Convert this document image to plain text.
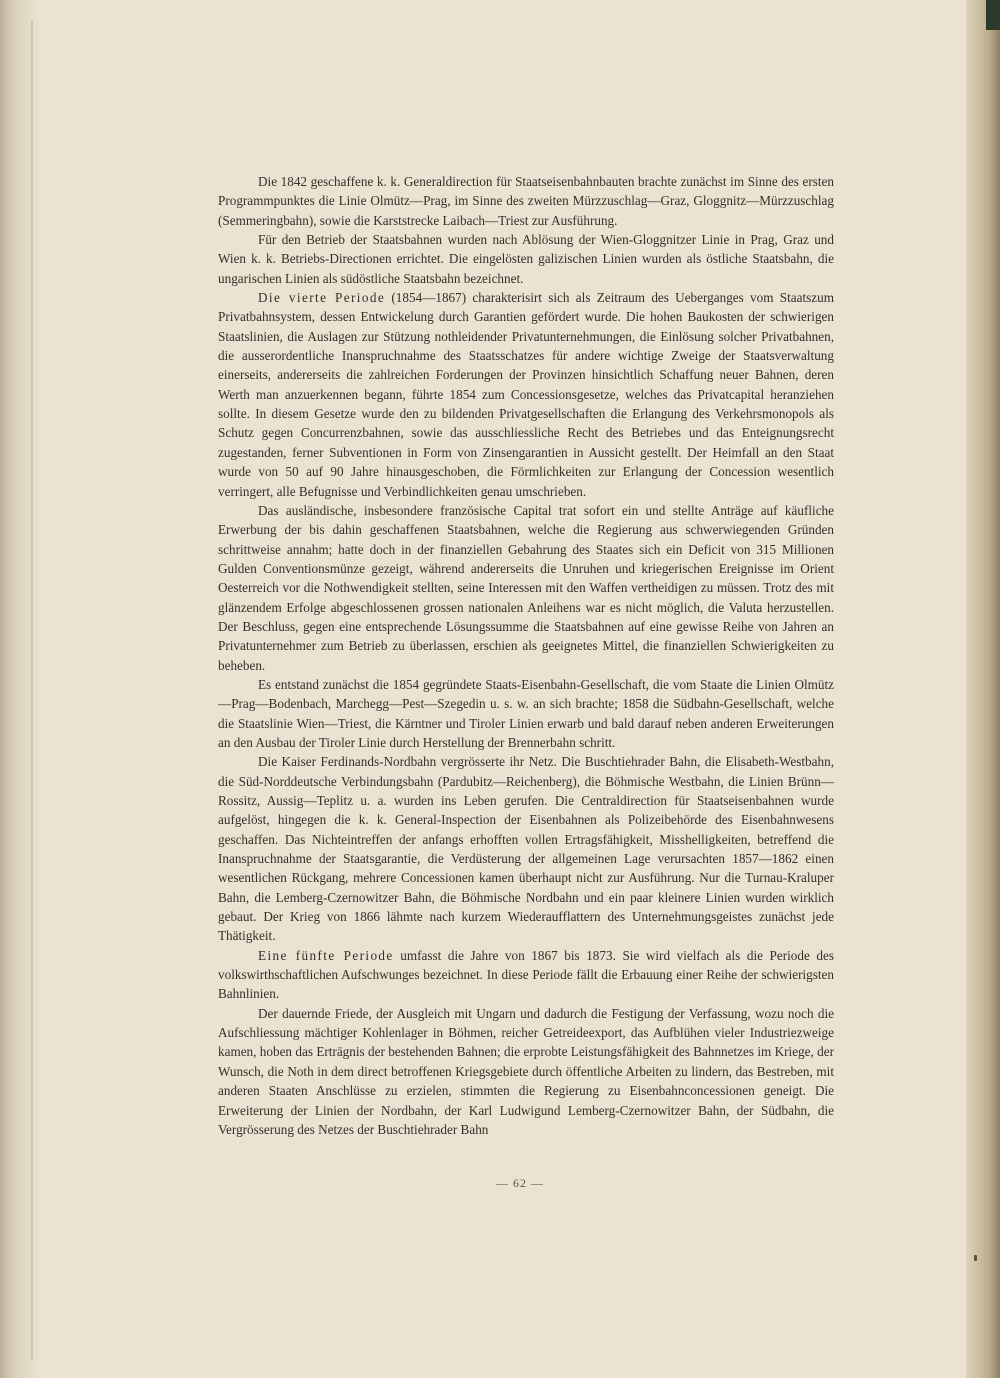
Die 1842 geschaffene k. k. Generaldirection für Staatseisenbahnbauten brachte zunächst im Sinne des ersten Programmpunktes die Linie Olmütz—Prag, im Sinne des zweiten Mürzzuschlag—Graz, Gloggnitz—Mürzzuschlag (Semmeringbahn), sowie die Karststrecke Laibach—Triest zur Ausführung.

Für den Betrieb der Staatsbahnen wurden nach Ablösung der Wien-Gloggnitzer Linie in Prag, Graz und Wien k. k. Betriebs-Directionen errichtet. Die eingelösten galizischen Linien wurden als östliche Staatsbahn, die ungarischen Linien als südöstliche Staatsbahn bezeichnet.

Die vierte Periode (1854—1867) charakterisirt sich als Zeitraum des Ueberganges vom Staatszum Privatbahnsystem, dessen Entwickelung durch Garantien gefördert wurde. Die hohen Baukosten der schwierigen Staatslinien, die Auslagen zur Stützung nothleidender Privatunternehmungen, die Einlösung solcher Privatbahnen, die ausserordentliche Inanspruchnahme des Staatsschatzes für andere wichtige Zweige der Staatsverwaltung einerseits, andererseits die zahlreichen Forderungen der Provinzen hinsichtlich Schaffung neuer Bahnen, deren Werth man anzuerkennen begann, führte 1854 zum Concessionsgesetze, welches das Privatcapital heranziehen sollte. In diesem Gesetze wurde den zu bildenden Privatgesellschaften die Erlangung des Verkehrsmonopols als Schutz gegen Concurrenzbahnen, sowie das ausschliessliche Recht des Betriebes und das Enteignungsrecht zugestanden, ferner Subventionen in Form von Zinsengarantien in Aussicht gestellt. Der Heimfall an den Staat wurde von 50 auf 90 Jahre hinausgeschoben, die Förmlichkeiten zur Erlangung der Concession wesentlich verringert, alle Befugnisse und Verbindlichkeiten genau umschrieben.

Das ausländische, insbesondere französische Capital trat sofort ein und stellte Anträge auf käufliche Erwerbung der bis dahin geschaffenen Staatsbahnen, welche die Regierung aus schwerwiegenden Gründen schrittweise annahm; hatte doch in der finanziellen Gebahrung des Staates sich ein Deficit von 315 Millionen Gulden Conventionsmünze gezeigt, während andererseits die Unruhen und kriegerischen Ereignisse im Orient Oesterreich vor die Nothwendigkeit stellten, seine Interessen mit den Waffen vertheidigen zu müssen. Trotz des mit glänzendem Erfolge abgeschlossenen grossen nationalen Anleihens war es nicht möglich, die Valuta herzustellen. Der Beschluss, gegen eine entsprechende Lösungssumme die Staatsbahnen auf eine gewisse Reihe von Jahren an Privatunternehmer zum Betrieb zu überlassen, erschien als geeignetes Mittel, die finanziellen Schwierigkeiten zu beheben.

Es entstand zunächst die 1854 gegründete Staats-Eisenbahn-Gesellschaft, die vom Staate die Linien Olmütz—Prag—Bodenbach, Marchegg—Pest—Szegedin u. s. w. an sich brachte; 1858 die Südbahn-Gesellschaft, welche die Staatslinie Wien—Triest, die Kärntner und Tiroler Linien erwarb und bald darauf neben anderen Erweiterungen an den Ausbau der Tiroler Linie durch Herstellung der Brennerbahn schritt.

Die Kaiser Ferdinands-Nordbahn vergrösserte ihr Netz. Die Buschtiehrader Bahn, die Elisabeth-Westbahn, die Süd-Norddeutsche Verbindungsbahn (Pardubitz—Reichenberg), die Böhmische Westbahn, die Linien Brünn—Rossitz, Aussig—Teplitz u. a. wurden ins Leben gerufen. Die Centraldirection für Staatseisenbahnen wurde aufgelöst, hingegen die k. k. General-Inspection der Eisenbahnen als Polizeibehörde des Eisenbahnwesens geschaffen. Das Nichteintreffen der anfangs erhofften vollen Ertragsfähigkeit, Misshelligkeiten, betreffend die Inanspruchnahme der Staatsgarantie, die Verdüsterung der allgemeinen Lage verursachten 1857—1862 einen wesentlichen Rückgang, mehrere Concessionen kamen überhaupt nicht zur Ausführung. Nur die Turnau-Kraluper Bahn, die Lemberg-Czernowitzer Bahn, die Böhmische Nordbahn und ein paar kleinere Linien wurden wirklich gebaut. Der Krieg von 1866 lähmte nach kurzem Wiederaufflattern des Unternehmungsgeistes zunächst jede Thätigkeit.

Eine fünfte Periode umfasst die Jahre von 1867 bis 1873. Sie wird vielfach als die Periode des volkswirthschaftlichen Aufschwunges bezeichnet. In diese Periode fällt die Erbauung einer Reihe der schwierigsten Bahnlinien.

Der dauernde Friede, der Ausgleich mit Ungarn und dadurch die Festigung der Verfassung, wozu noch die Aufschliessung mächtiger Kohlenlager in Böhmen, reicher Getreideexport, das Aufblühen vieler Industriezweige kamen, hoben das Erträgnis der bestehenden Bahnen; die erprobte Leistungsfähigkeit des Bahnnetzes im Kriege, der Wunsch, die Noth in dem direct betroffenen Kriegsgebiete durch öffentliche Arbeiten zu lindern, das Bestreben, mit anderen Staaten Anschlüsse zu erzielen, stimmten die Regierung zu Eisenbahnconcessionen geneigt. Die Erweiterung der Linien der Nordbahn, der Karl Ludwigund Lemberg-Czernowitzer Bahn, der Südbahn, die Vergrösserung des Netzes der Buschtiehrader Bahn

— 62 —
